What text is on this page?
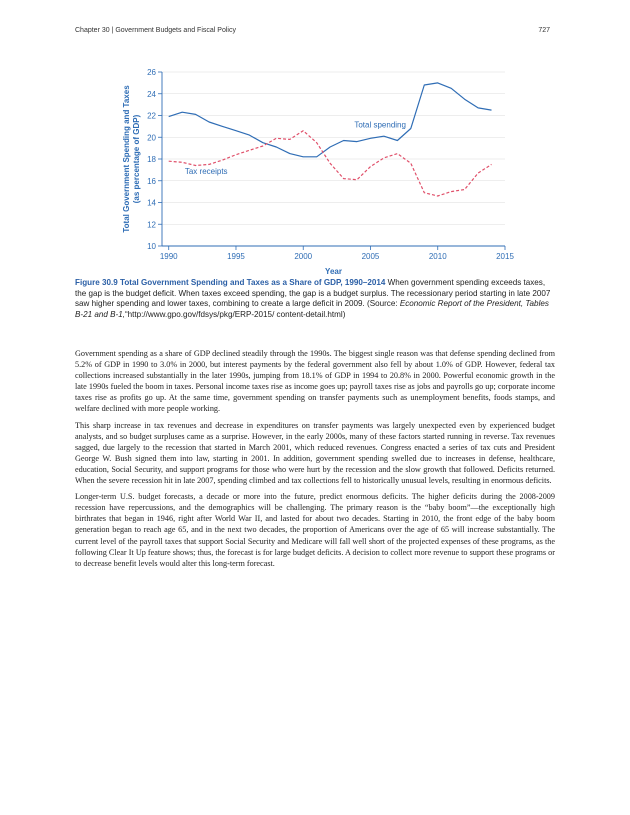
Chapter 30 | Government Budgets and Fiscal Policy	727
10
12
14
16
18
20
22
24
26
1990	1995	2000	2005	2010	2015
Total spending
Tax receipts
Year
Total Government Spending and Taxes (as percentage of GDP)
Figure 30.9 Total Government Spending and Taxes as a Share of GDP, 1990–2014 When government spending exceeds taxes, the gap is the budget deficit. When taxes exceed spending, the gap is a budget surplus. The recessionary period starting in late 2007 saw higher spending and lower taxes, combining to create a large deficit in 2009. (Source: Economic Report of the President, Tables B-21 and B-1,“http://www.gpo.gov/fdsys/pkg/ERP-2015/ content-detail.html)

Government spending as a share of GDP declined steadily through the 1990s. The biggest single reason was that defense spending declined from 5.2% of GDP in 1990 to 3.0% in 2000, but interest payments by the federal government also fell by about 1.0% of GDP. However, federal tax collections increased substantially in the later 1990s, jumping from 18.1% of GDP in 1994 to 20.8% in 2000. Powerful economic growth in the late 1990s fueled the boom in taxes. Personal income taxes rise as income goes up; payroll taxes rise as jobs and payrolls go up; corporate income taxes rise as profits go up. At the same time, government spending on transfer payments such as unemployment benefits, foods stamps, and welfare declined with more people working.

This sharp increase in tax revenues and decrease in expenditures on transfer payments was largely unexpected even by experienced budget analysts, and so budget surpluses came as a surprise. However, in the early 2000s, many of these factors started running in reverse. Tax revenues sagged, due largely to the recession that started in March 2001, which reduced revenues. Congress enacted a series of tax cuts and President George W. Bush signed them into law, starting in 2001. In addition, government spending swelled due to increases in defense, healthcare, education, Social Security, and support programs for those who were hurt by the recession and the slow growth that followed. Deficits returned. When the severe recession hit in late 2007, spending climbed and tax collections fell to historically unusual levels, resulting in enormous deficits.

Longer-term U.S. budget forecasts, a decade or more into the future, predict enormous deficits. The higher deficits during the 2008-2009 recession have repercussions, and the demographics will be challenging. The primary reason is the “baby boom”—the exceptionally high birthrates that began in 1946, right after World War II, and lasted for about two decades. Starting in 2010, the front edge of the baby boom generation began to reach age 65, and in the next two decades, the proportion of Americans over the age of 65 will increase substantially. The current level of the payroll taxes that support Social Security and Medicare will fall well short of the projected expenses of these programs, as the following Clear It Up feature shows; thus, the forecast is for large budget deficits. A decision to collect more revenue to support these programs or to decrease benefit levels would alter this long-term forecast.
